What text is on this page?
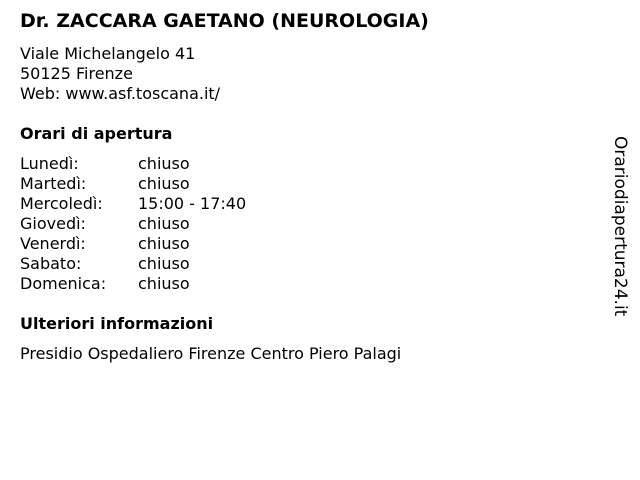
Dr. ZACCARA GAETANO (NEUROLOGIA)
Viale Michelangelo 41
50125 Firenze
Web: www.asf.toscana.it/
Orari di apertura
Lunedì:	chiuso
Martedì:	chiuso
Mercoledì:	15:00 - 17:40
Giovedì:	chiuso
Venerdì:	chiuso
Sabato:	chiuso
Domenica:	chiuso
Ulteriori informazioni
Presidio Ospedaliero Firenze Centro Piero Palagi
Orariodiapertura24.it
